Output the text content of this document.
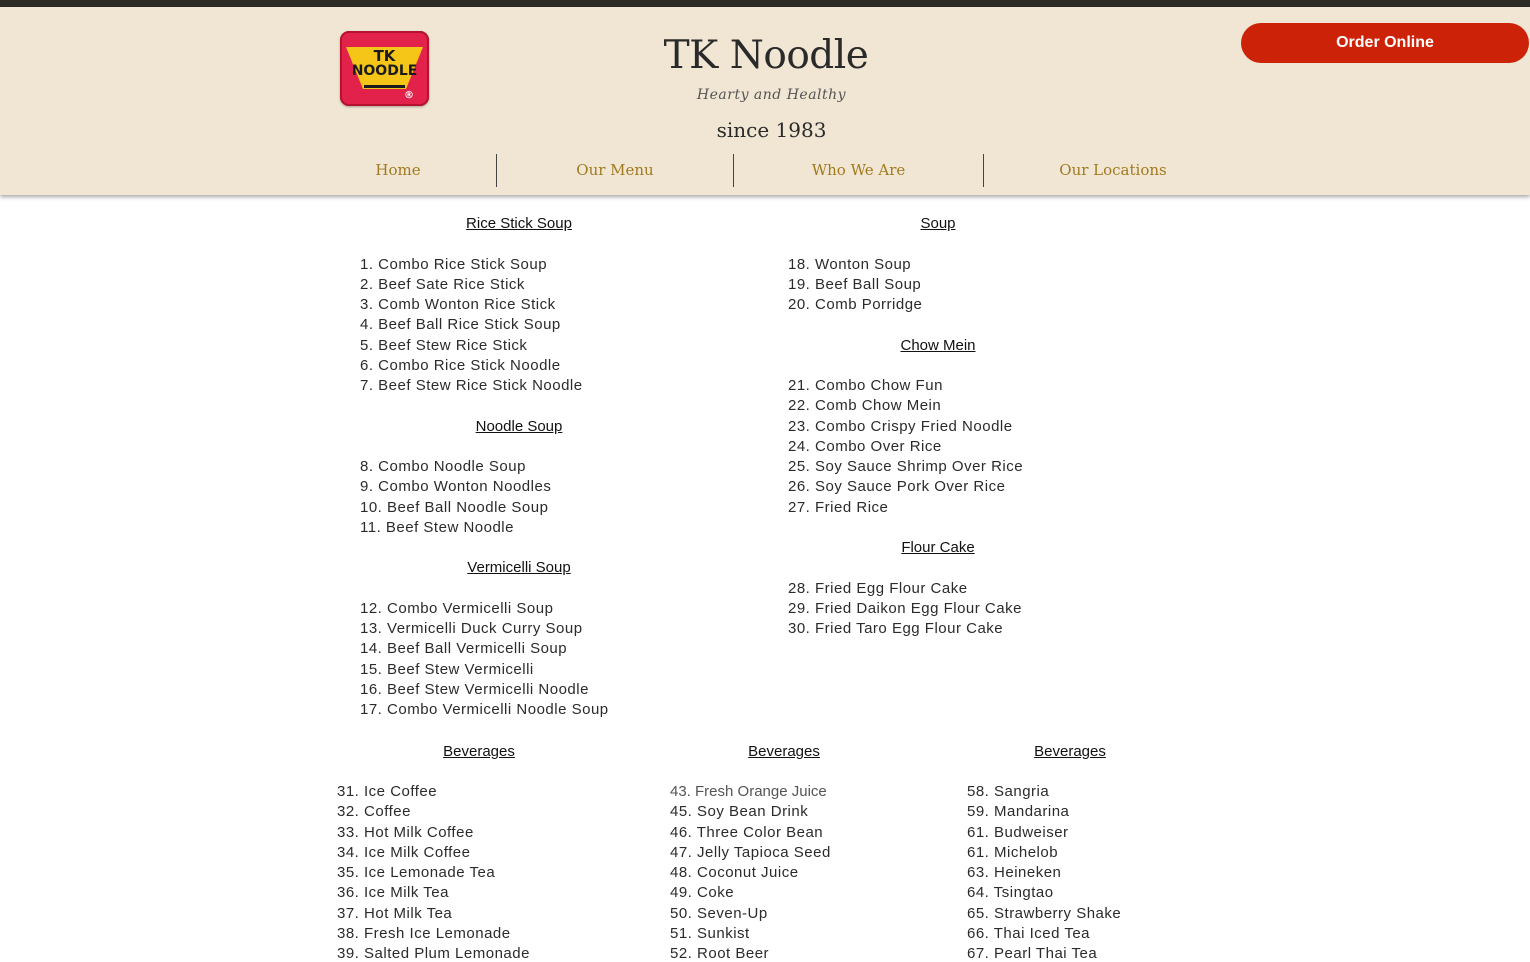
TK
NOODLE
®
TK Noodle
Hearty and Healthy
since 1983
Order Online
Home	Our Menu	Who We Are	Our Locations
Rice Stick Soup
1. Combo Rice Stick Soup
2. Beef Sate Rice Stick
3. Comb Wonton Rice Stick
4. Beef Ball Rice Stick Soup
5. Beef Stew Rice Stick
6. Combo Rice Stick Noodle
7. Beef Stew Rice Stick Noodle
Noodle Soup
8. Combo Noodle Soup
9. Combo Wonton Noodles
10. Beef Ball Noodle Soup
11. Beef Stew Noodle
Vermicelli Soup
12. Combo Vermicelli Soup
13. Vermicelli Duck Curry Soup
14. Beef Ball Vermicelli Soup
15. Beef Stew Vermicelli
16. Beef Stew Vermicelli Noodle
17. Combo Vermicelli Noodle Soup
Soup
18. Wonton Soup
19. Beef Ball Soup
20. Comb Porridge
Chow Mein
21. Combo Chow Fun
22. Comb Chow Mein
23. Combo Crispy Fried Noodle
24. Combo Over Rice
25. Soy Sauce Shrimp Over Rice
26. Soy Sauce Pork Over Rice
27. Fried Rice
Flour Cake
28. Fried Egg Flour Cake
29. Fried Daikon Egg Flour Cake
30. Fried Taro Egg Flour Cake
Beverages
31. Ice Coffee
32. Coffee
33. Hot Milk Coffee
34. Ice Milk Coffee
35. Ice Lemonade Tea
36. Ice Milk Tea
37. Hot Milk Tea
38. Fresh Ice Lemonade
39. Salted Plum Lemonade
Beverages
43. Fresh Orange Juice
45. Soy Bean Drink
46. Three Color Bean
47. Jelly Tapioca Seed
48. Coconut Juice
49. Coke
50. Seven-Up
51. Sunkist
52. Root Beer
Beverages
58. Sangria
59. Mandarina
61. Budweiser
61. Michelob
63. Heineken
64. Tsingtao
65. Strawberry Shake
66. Thai Iced Tea
67. Pearl Thai Tea
